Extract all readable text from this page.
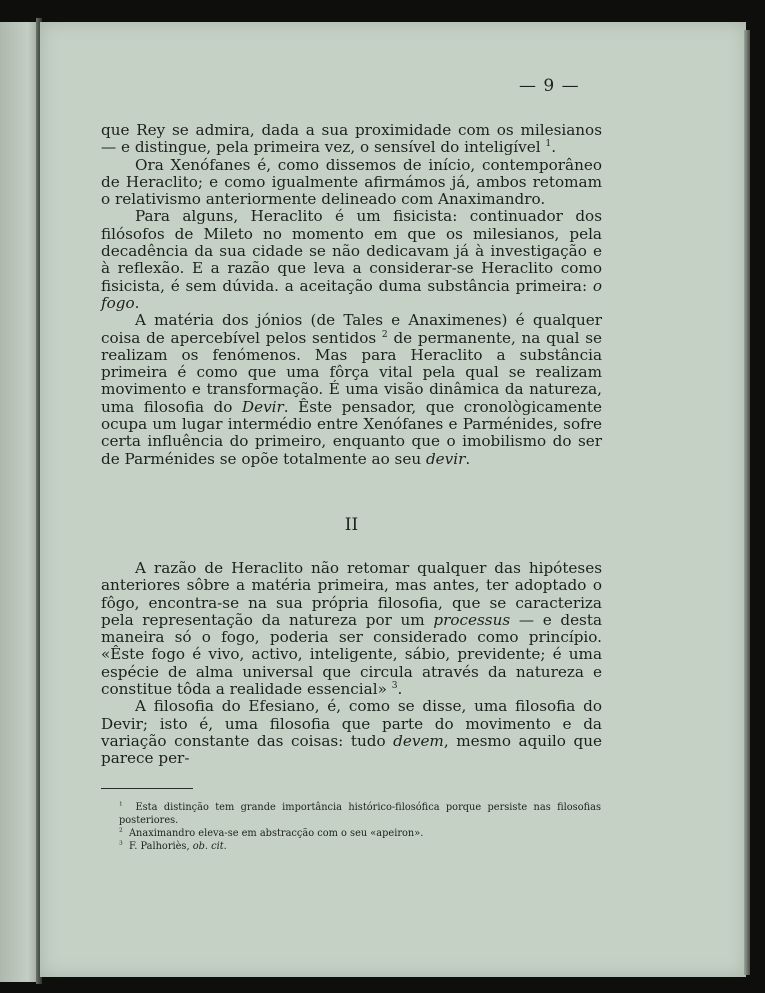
— 9 —

que Rey se admira, dada a sua proximidade com os milesianos — e distingue, pela primeira vez, o sensível do inteligível $^1$.

Ora Xenófanes é, como dissemos de início, contemporâneo de Heraclito; e como igualmente afirmámos já, ambos retomam o relativismo anteriormente delineado com Anaximandro.

Para alguns, Heraclito é um fisicista: continuador dos filósofos de Mileto no momento em que os milesianos, pela decadência da sua cidade se não dedicavam já à investigação e à reflexão. E a razão que leva a considerar-se Heraclito como fisicista, é sem dúvida. a aceitação duma substância primeira: o fogo.

A matéria dos jónios (de Tales e Anaximenes) é qualquer coisa de apercebível pelos sentidos $^2$ de permanente, na qual se realizam os fenómenos. Mas para Heraclito a substância primeira é como que uma fôrça vital pela qual se realizam movimento e transformação. É uma visão dinâmica da natureza, uma filosofia do Devir. Êste pensador, que cronològicamente ocupa um lugar intermédio entre Xenófanes e Parménides, sofre certa influência do primeiro, enquanto que o imobilismo do ser de Parménides se opõe totalmente ao seu devir.

II

A razão de Heraclito não retomar qualquer das hipóteses anteriores sôbre a matéria primeira, mas antes, ter adoptado o fôgo, encontra-se na sua própria filosofia, que se caracteriza pela representação da natureza por um processus — e desta maneira só o fogo, poderia ser considerado como princípio. «Êste fogo é vivo, activo, inteligente, sábio, previdente; é uma espécie de alma universal que circula através da natureza e constitue tôda a realidade essencial» $^3$.

A filosofia do Efesiano, é, como se disse, uma filosofia do Devir; isto é, uma filosofia que parte do movimento e da variação constante das coisas: tudo devem, mesmo aquilo que parece per-

$^1$ Esta distinção tem grande importância histórico-filosófica porque persiste nas filosofias posteriores.

$^2$ Anaximandro eleva-se em abstracção com o seu «apeiron».

$^3$ F. Palhoriès, ob. cit.
